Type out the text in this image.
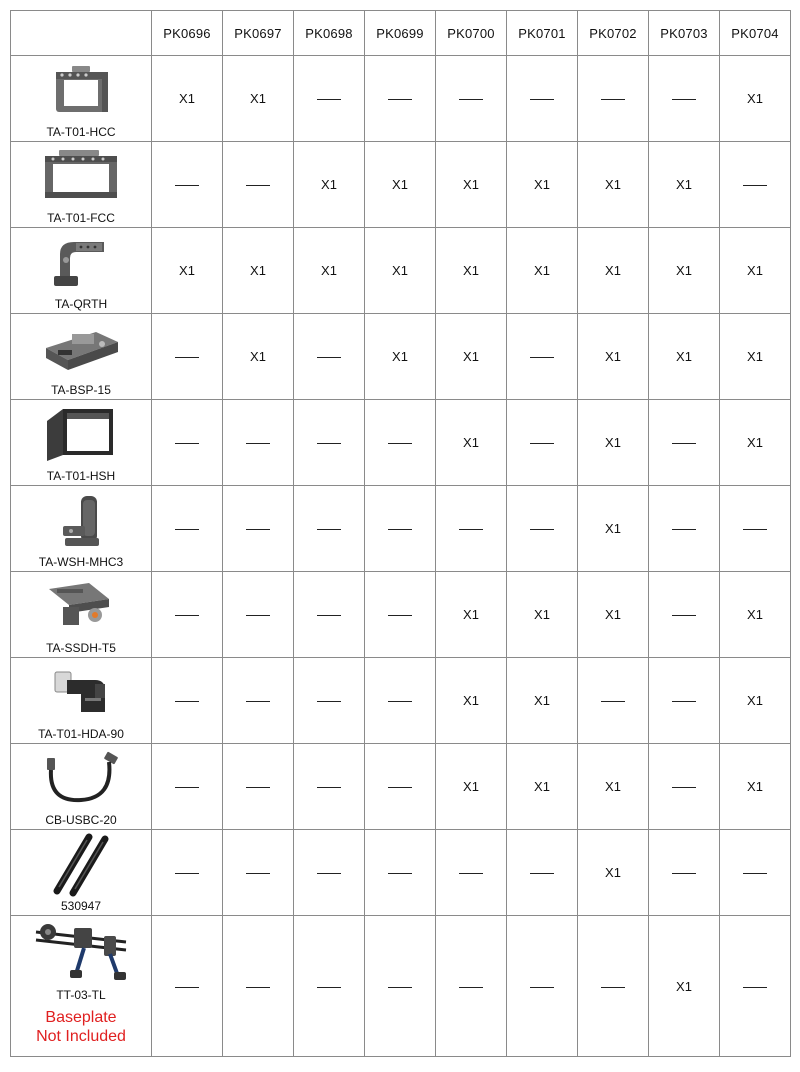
	PK0696	PK0697	PK0698	PK0699	PK0700	PK0701	PK0702	PK0703	PK0704

TA-T01-HCC	X1	X1							X1

TA-T01-FCC			X1	X1	X1	X1	X1	X1	

TA-QRTH	X1	X1	X1	X1	X1	X1	X1	X1	X1

TA-BSP-15		X1		X1	X1		X1	X1	X1

TA-T01-HSH					X1		X1		X1

TA-WSH-MHC3							X1		

TA-SSDH-T5					X1	X1	X1		X1

TA-T01-HDA-90					X1	X1			X1

CB-USBC-20					X1	X1	X1		X1

530947							X1		

TT-03-TL
Baseplate
Not Included								X1	
